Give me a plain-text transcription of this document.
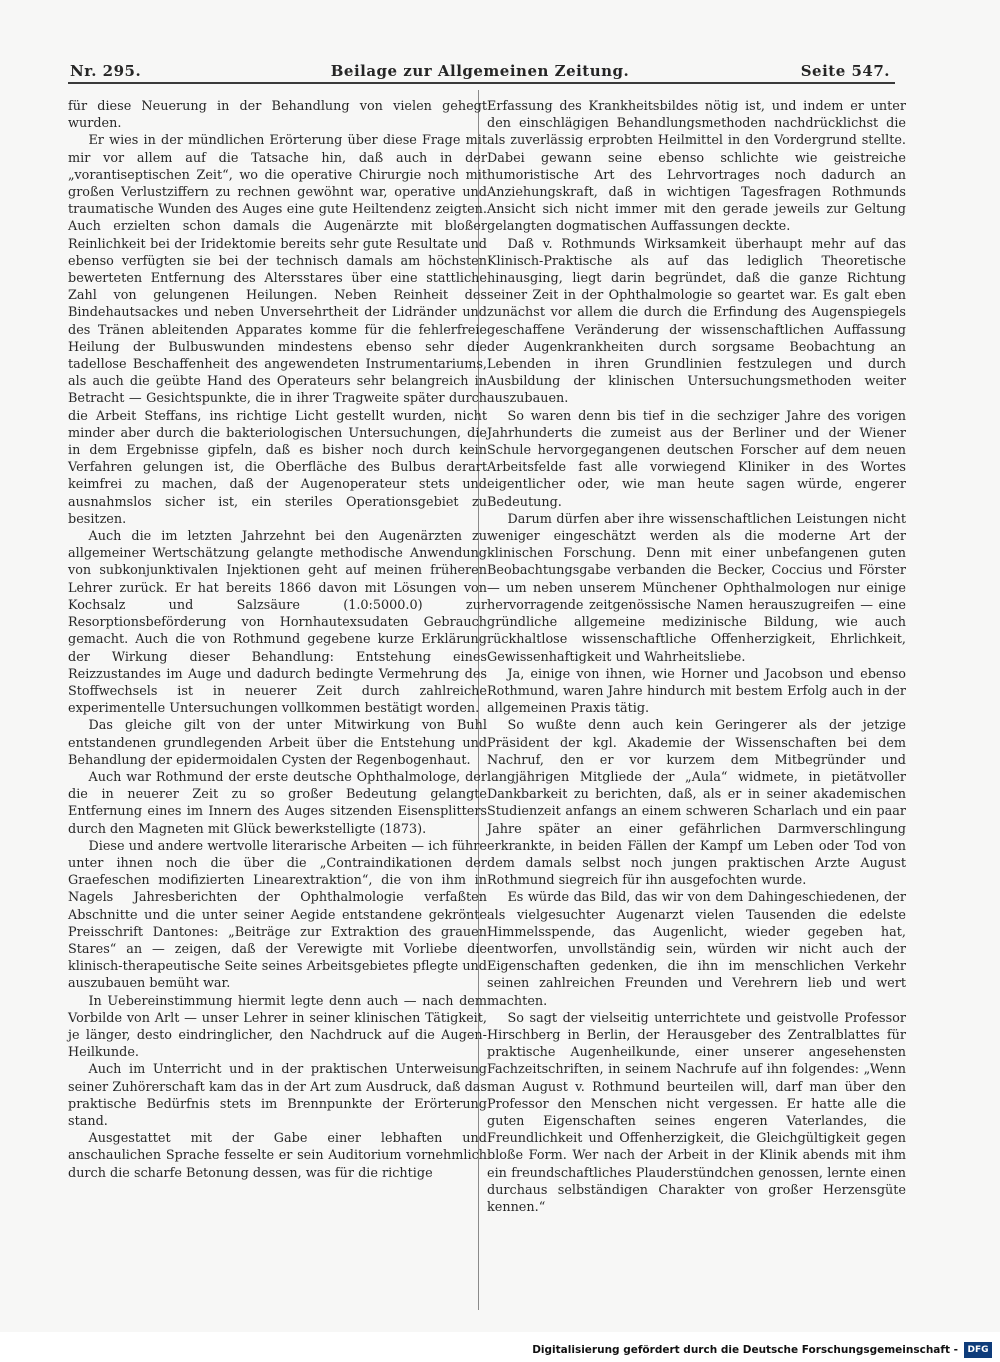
Nr. 295.	Beilage zur Allgemeinen Zeitung.	Seite 547.

für diese Neuerung in der Behandlung von vielen gehegt wurden.

Er wies in der mündlichen Erörterung über diese Frage mit mir vor allem auf die Tatsache hin, daß auch in der „vorantiseptischen Zeit“, wo die operative Chirurgie noch mit großen Verlustziffern zu rechnen gewöhnt war, operative und traumatische Wunden des Auges eine gute Heiltendenz zeigten. Auch erzielten schon damals die Augenärzte mit bloßer Reinlichkeit bei der Iridektomie bereits sehr gute Resultate und ebenso verfügten sie bei der technisch damals am höchsten bewerteten Entfernung des Altersstares über eine stattliche Zahl von gelungenen Heilungen. Neben Reinheit des Bindehautsackes und neben Unversehrtheit der Lidränder und des Tränen ableitenden Apparates komme für die fehlerfreie Heilung der Bulbuswunden mindestens ebenso sehr die tadellose Beschaffenheit des angewendeten Instrumentariums, als auch die geübte Hand des Operateurs sehr belangreich in Betracht — Gesichtspunkte, die in ihrer Tragweite später durch die Arbeit Steffans, ins richtige Licht gestellt wurden, nicht minder aber durch die bakteriologischen Untersuchungen, die in dem Ergebnisse gipfeln, daß es bisher noch durch kein Verfahren gelungen ist, die Oberfläche des Bulbus derart keimfrei zu machen, daß der Augenoperateur stets und ausnahmslos sicher ist, ein steriles Operationsgebiet zu besitzen.

Auch die im letzten Jahrzehnt bei den Augenärzten zu allgemeiner Wertschätzung gelangte methodische Anwendung von subkonjunktivalen Injektionen geht auf meinen früheren Lehrer zurück. Er hat bereits 1866 davon mit Lösungen von Kochsalz und Salzsäure (1.0:5000.0) zur Resorptionsbeförderung von Hornhautexsudaten Gebrauch gemacht. Auch die von Rothmund gegebene kurze Erklärung der Wirkung dieser Behandlung: Entstehung eines Reizzustandes im Auge und dadurch bedingte Vermehrung des Stoffwechsels ist in neuerer Zeit durch zahlreiche experimentelle Untersuchungen vollkommen bestätigt worden.

Das gleiche gilt von der unter Mitwirkung von Buhl entstandenen grundlegenden Arbeit über die Entstehung und Behandlung der epidermoidalen Cysten der Regenbogenhaut.

Auch war Rothmund der erste deutsche Ophthalmologe, der die in neuerer Zeit zu so großer Bedeutung gelangte Entfernung eines im Innern des Auges sitzenden Eisensplitters durch den Magneten mit Glück bewerkstelligte (1873).

Diese und andere wertvolle literarische Arbeiten — ich führe unter ihnen noch die über die „Contraindikationen der Graefeschen modifizierten Linearextraktion“, die von ihm in Nagels Jahresberichten der Ophthalmologie verfaßten Abschnitte und die unter seiner Aegide entstandene gekrönte Preisschrift Dantones: „Beiträge zur Extraktion des grauen Stares“ an — zeigen, daß der Verewigte mit Vorliebe die klinisch-therapeutische Seite seines Arbeitsgebietes pflegte und auszubauen bemüht war.

In Uebereinstimmung hiermit legte denn auch — nach dem Vorbilde von Arlt — unser Lehrer in seiner klinischen Tätigkeit, je länger, desto eindringlicher, den Nachdruck auf die Augen-Heilkunde.

Auch im Unterricht und in der praktischen Unterweisung seiner Zuhörerschaft kam das in der Art zum Ausdruck, daß das praktische Bedürfnis stets im Brennpunkte der Erörterung stand.

Ausgestattet mit der Gabe einer lebhaften und anschaulichen Sprache fesselte er sein Auditorium vornehmlich durch die scharfe Betonung dessen, was für die richtige

Erfassung des Krankheitsbildes nötig ist, und indem er unter den einschlägigen Behandlungsmethoden nachdrücklichst die als zuverlässig erprobten Heilmittel in den Vordergrund stellte. Dabei gewann seine ebenso schlichte wie geistreiche humoristische Art des Lehrvortrages noch dadurch an Anziehungskraft, daß in wichtigen Tagesfragen Rothmunds Ansicht sich nicht immer mit den gerade jeweils zur Geltung gelangten dogmatischen Auffassungen deckte.

Daß v. Rothmunds Wirksamkeit überhaupt mehr auf das Klinisch-Praktische als auf das lediglich Theoretische hinausging, liegt darin begründet, daß die ganze Richtung seiner Zeit in der Ophthalmologie so geartet war. Es galt eben zunächst vor allem die durch die Erfindung des Augenspiegels geschaffene Veränderung der wissenschaftlichen Auffassung der Augenkrankheiten durch sorgsame Beobachtung an Lebenden in ihren Grundlinien festzulegen und durch Ausbildung der klinischen Untersuchungsmethoden weiter auszubauen.

So waren denn bis tief in die sechziger Jahre des vorigen Jahrhunderts die zumeist aus der Berliner und der Wiener Schule hervorgegangenen deutschen Forscher auf dem neuen Arbeitsfelde fast alle vorwiegend Kliniker in des Wortes eigentlicher oder, wie man heute sagen würde, engerer Bedeutung.

Darum dürfen aber ihre wissenschaftlichen Leistungen nicht weniger eingeschätzt werden als die moderne Art der klinischen Forschung. Denn mit einer unbefangenen guten Beobachtungsgabe verbanden die Becker, Coccius und Förster — um neben unserem Münchener Ophthalmologen nur einige hervorragende zeitgenössische Namen herauszugreifen — eine gründliche allgemeine medizinische Bildung, wie auch rückhaltlose wissenschaftliche Offenherzigkeit, Ehrlichkeit, Gewissenhaftigkeit und Wahrheitsliebe.

Ja, einige von ihnen, wie Horner und Jacobson und ebenso Rothmund, waren Jahre hindurch mit bestem Erfolg auch in der allgemeinen Praxis tätig.

So wußte denn auch kein Geringerer als der jetzige Präsident der kgl. Akademie der Wissenschaften bei dem Nachruf, den er vor kurzem dem Mitbegründer und langjährigen Mitgliede der „Aula“ widmete, in pietätvoller Dankbarkeit zu berichten, daß, als er in seiner akademischen Studienzeit anfangs an einem schweren Scharlach und ein paar Jahre später an einer gefährlichen Darmverschlingung erkrankte, in beiden Fällen der Kampf um Leben oder Tod von dem damals selbst noch jungen praktischen Arzte August Rothmund siegreich für ihn ausgefochten wurde.

Es würde das Bild, das wir von dem Dahingeschiedenen, der als vielgesuchter Augenarzt vielen Tausenden die edelste Himmelsspende, das Augenlicht, wieder gegeben hat, entworfen, unvollständig sein, würden wir nicht auch der Eigenschaften gedenken, die ihn im menschlichen Verkehr seinen zahlreichen Freunden und Verehrern lieb und wert machten.

So sagt der vielseitig unterrichtete und geistvolle Professor Hirschberg in Berlin, der Herausgeber des Zentralblattes für praktische Augenheilkunde, einer unserer angesehensten Fachzeitschriften, in seinem Nachrufe auf ihn folgendes: „Wenn man August v. Rothmund beurteilen will, darf man über den Professor den Menschen nicht vergessen. Er hatte alle die guten Eigenschaften seines engeren Vaterlandes, die Freundlichkeit und Offenherzigkeit, die Gleichgültigkeit gegen bloße Form. Wer nach der Arbeit in der Klinik abends mit ihm ein freundschaftliches Plauderstündchen genossen, lernte einen durchaus selbständigen Charakter von großer Herzensgüte kennen.“

Digitalisierung gefördert durch die Deutsche Forschungsgemeinschaft -	DFG
